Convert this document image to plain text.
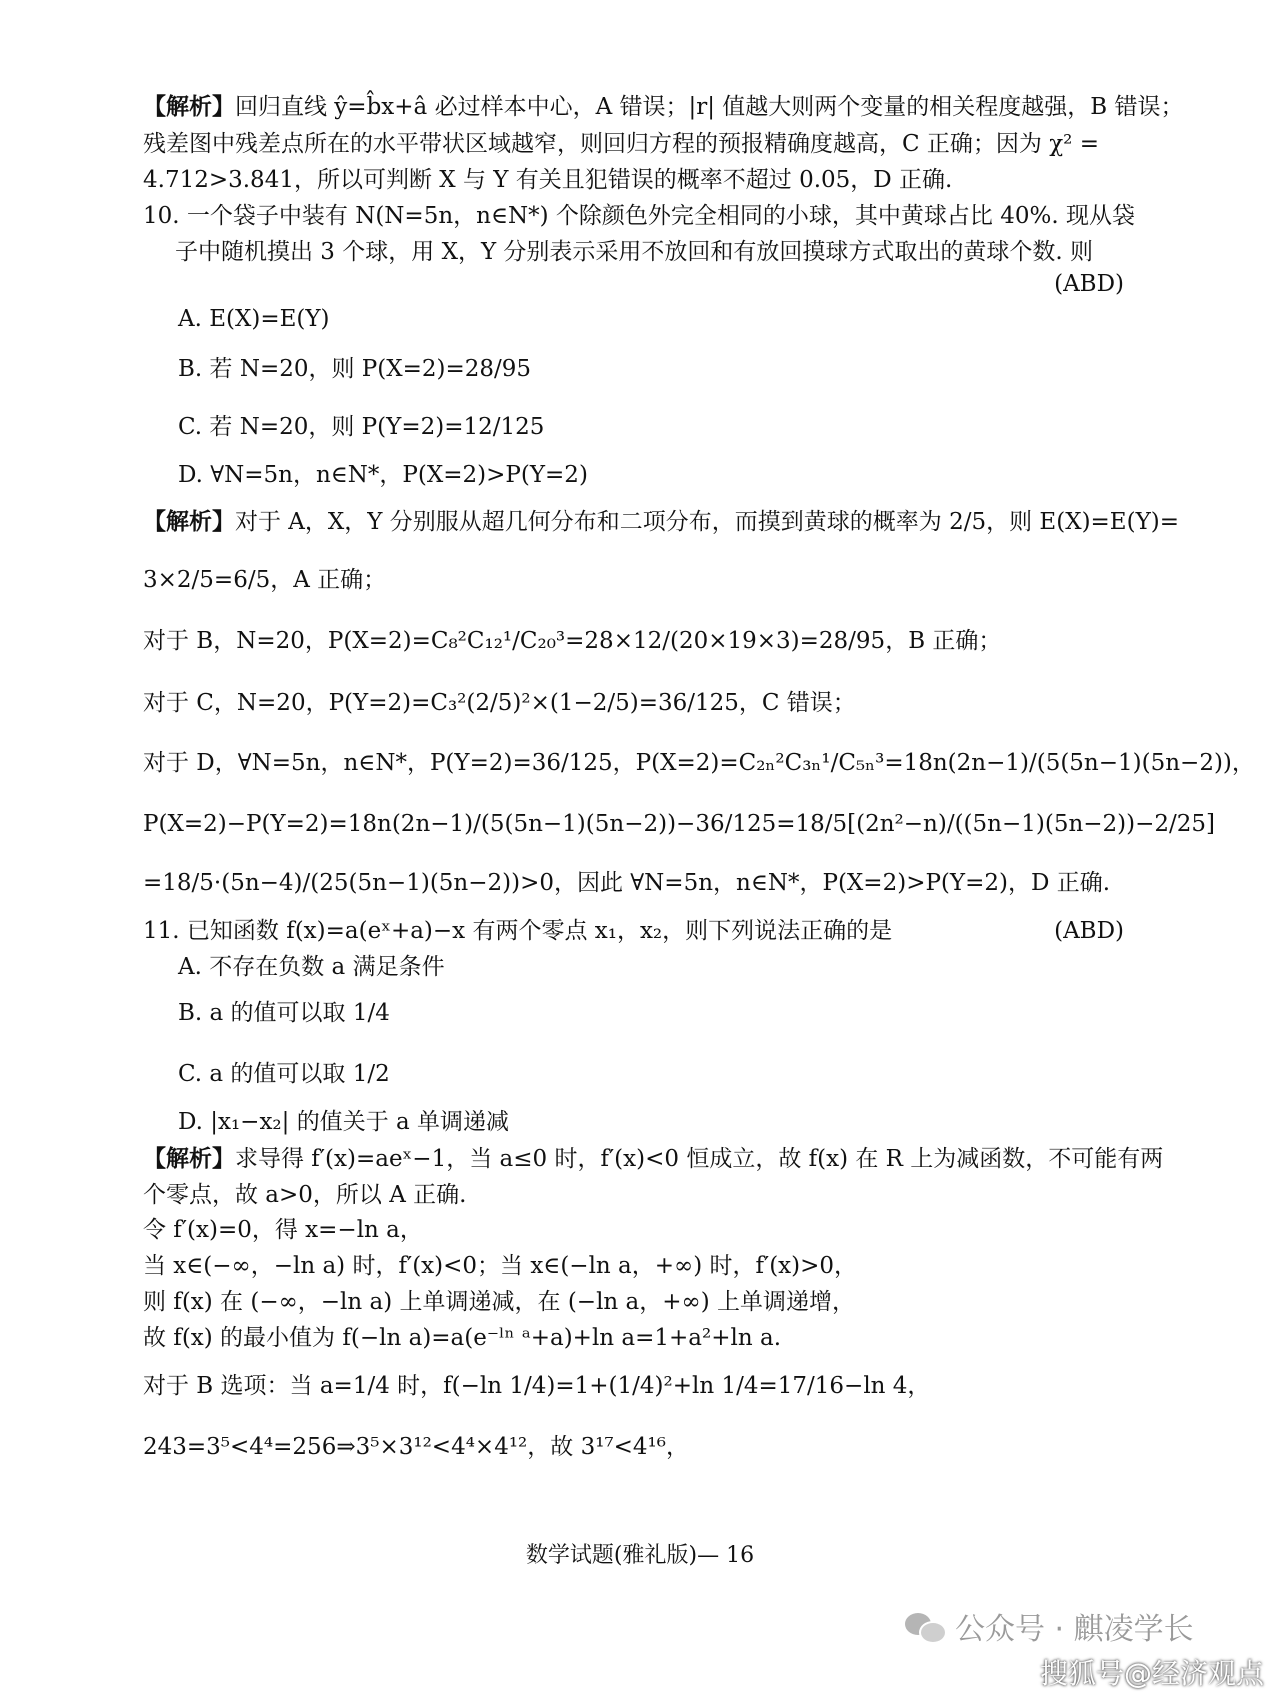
【解析】回归直线 ŷ=b̂x+â 必过样本中心，A 错误；|r| 值越大则两个变量的相关程度越强，B 错误；
残差图中残差点所在的水平带状区域越窄，则回归方程的预报精确度越高，C 正确；因为 χ² =
4.712>3.841，所以可判断 X 与 Y 有关且犯错误的概率不超过 0.05，D 正确.
10. 一个袋子中装有 N(N=5n，n∈N*) 个除颜色外完全相同的小球，其中黄球占比 40%. 现从袋
子中随机摸出 3 个球，用 X，Y 分别表示采用不放回和有放回摸球方式取出的黄球个数. 则
A. E(X)=E(Y)
B. 若 N=20，则 P(X=2)=28/95
C. 若 N=20，则 P(Y=2)=12/125
D. ∀N=5n，n∈N*，P(X=2)>P(Y=2)
【解析】对于 A，X，Y 分别服从超几何分布和二项分布，而摸到黄球的概率为 2/5，则 E(X)=E(Y)=
3×2/5=6/5，A 正确；
对于 B，N=20，P(X=2)=C₈²C₁₂¹/C₂₀³=28×12/(20×19×3)=28/95，B 正确；
对于 C，N=20，P(Y=2)=C₃²(2/5)²×(1−2/5)=36/125，C 错误；
对于 D，∀N=5n，n∈N*，P(Y=2)=36/125，P(X=2)=C₂ₙ²C₃ₙ¹/C₅ₙ³=18n(2n−1)/(5(5n−1)(5n−2))，
P(X=2)−P(Y=2)=18n(2n−1)/(5(5n−1)(5n−2))−36/125=18/5[(2n²−n)/((5n−1)(5n−2))−2/25]
=18/5·(5n−4)/(25(5n−1)(5n−2))>0，因此 ∀N=5n，n∈N*，P(X=2)>P(Y=2)，D 正确.
11. 已知函数 f(x)=a(eˣ+a)−x 有两个零点 x₁，x₂，则下列说法正确的是
A. 不存在负数 a 满足条件
B. a 的值可以取 1/4
C. a 的值可以取 1/2
D. |x₁−x₂| 的值关于 a 单调递减
【解析】求导得 f′(x)=aeˣ−1，当 a≤0 时，f′(x)<0 恒成立，故 f(x) 在 R 上为减函数，不可能有两
个零点，故 a>0，所以 A 正确.
令 f′(x)=0，得 x=−ln a，
当 x∈(−∞，−ln a) 时，f′(x)<0；当 x∈(−ln a，+∞) 时，f′(x)>0，
则 f(x) 在 (−∞，−ln a) 上单调递减，在 (−ln a，+∞) 上单调递增，
故 f(x) 的最小值为 f(−ln a)=a(e⁻ˡⁿ ᵃ+a)+ln a=1+a²+ln a.
对于 B 选项：当 a=1/4 时，f(−ln 1/4)=1+(1/4)²+ln 1/4=17/16−ln 4，
243=3⁵<4⁴=256⇒3⁵×3¹²<4⁴×4¹²，故 3¹⁷<4¹⁶，
(ABD)
(ABD)
数学试题(雅礼版)— 16
公众号 · 麒凌学长
搜狐号@经济观点
